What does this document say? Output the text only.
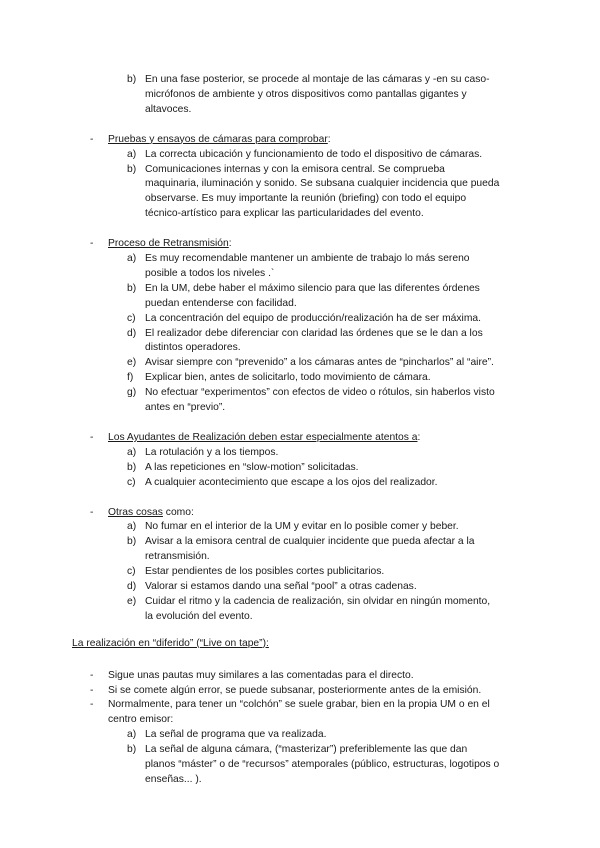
b) En una fase posterior, se procede al montaje de las cámaras y -en su caso-
micrófonos de ambiente y otros dispositivos como pantallas gigantes y
altavoces.
- Pruebas y ensayos de cámaras para comprobar:
a) La correcta ubicación y funcionamiento de todo el dispositivo de cámaras.
b) Comunicaciones internas y con la emisora central. Se comprueba
maquinaria, iluminación y sonido. Se subsana cualquier incidencia que pueda
observarse. Es muy importante la reunión (briefing) con todo el equipo
técnico-artístico para explicar las particularidades del evento.
- Proceso de Retransmisión:
a) Es muy recomendable mantener un ambiente de trabajo lo más sereno
posible a todos los niveles .`
b) En la UM, debe haber el máximo silencio para que las diferentes órdenes
puedan entenderse con facilidad.
c) La concentración del equipo de producción/realización ha de ser máxima.
d) El realizador debe diferenciar con claridad las órdenes que se le dan a los
distintos operadores.
e) Avisar siempre con “prevenido” a los cámaras antes de “pincharlos” al “aire”.
f) Explicar bien, antes de solicitarlo, todo movimiento de cámara.
g) No efectuar “experimentos” con efectos de video o rótulos, sin haberlos visto
antes en “previo”.
- Los Ayudantes de Realización deben estar especialmente atentos a:
a) La rotulación y a los tiempos.
b) A las repeticiones en “slow-motion” solicitadas.
c) A cualquier acontecimiento que escape a los ojos del realizador.
- Otras cosas como:
a) No fumar en el interior de la UM y evitar en lo posible comer y beber.
b) Avisar a la emisora central de cualquier incidente que pueda afectar a la
retransmisión.
c) Estar pendientes de los posibles cortes publicitarios.
d) Valorar si estamos dando una señal “pool” a otras cadenas.
e) Cuidar el ritmo y la cadencia de realización, sin olvidar en ningún momento,
la evolución del evento.
La realización en “diferido” (“Live on tape”):
- Sigue unas pautas muy similares a las comentadas para el directo.
- Si se comete algún error, se puede subsanar, posteriormente antes de la emisión.
- Normalmente, para tener un “colchón” se suele grabar, bien en la propia UM o en el
centro emisor:
a) La señal de programa que va realizada.
b) La señal de alguna cámara, (“masterizar”) preferiblemente las que dan
planos “máster” o de “recursos” atemporales (público, estructuras, logotipos o
enseñas... ).
